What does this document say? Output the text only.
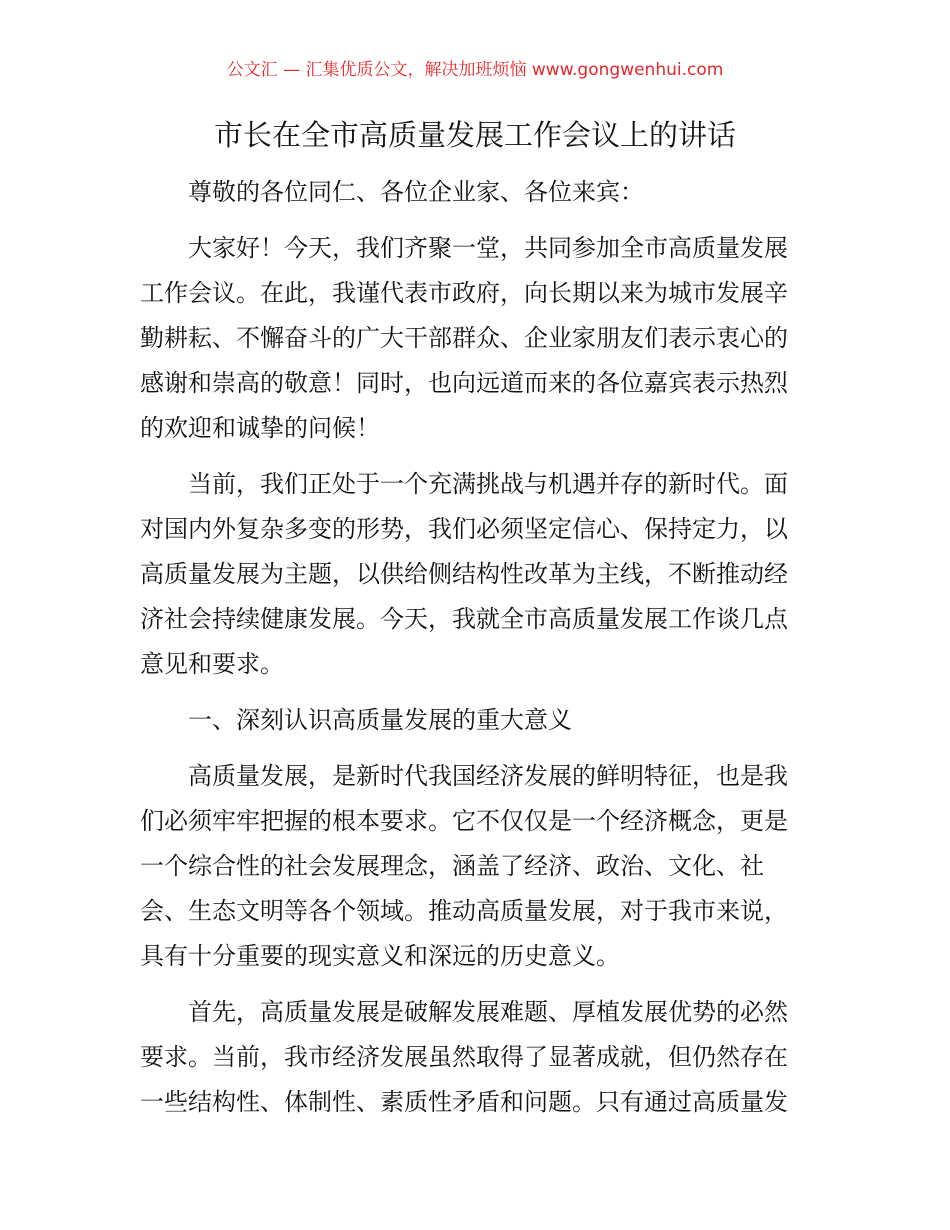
公文汇 — 汇集优质公文，解决加班烦恼 www.gongwenhui.com
市长在全市高质量发展工作会议上的讲话
尊敬的各位同仁、各位企业家、各位来宾：
大家好！今天，我们齐聚一堂，共同参加全市高质量发展
工作会议。在此，我谨代表市政府，向长期以来为城市发展辛
勤耕耘、不懈奋斗的广大干部群众、企业家朋友们表示衷心的
感谢和崇高的敬意！同时，也向远道而来的各位嘉宾表示热烈
的欢迎和诚挚的问候！
当前，我们正处于一个充满挑战与机遇并存的新时代。面
对国内外复杂多变的形势，我们必须坚定信心、保持定力，以
高质量发展为主题，以供给侧结构性改革为主线，不断推动经
济社会持续健康发展。今天，我就全市高质量发展工作谈几点
意见和要求。
一、深刻认识高质量发展的重大意义
高质量发展，是新时代我国经济发展的鲜明特征，也是我
们必须牢牢把握的根本要求。它不仅仅是一个经济概念，更是
一个综合性的社会发展理念，涵盖了经济、政治、文化、社
会、生态文明等各个领域。推动高质量发展，对于我市来说，
具有十分重要的现实意义和深远的历史意义。
首先，高质量发展是破解发展难题、厚植发展优势的必然
要求。当前，我市经济发展虽然取得了显著成就，但仍然存在
一些结构性、体制性、素质性矛盾和问题。只有通过高质量发
